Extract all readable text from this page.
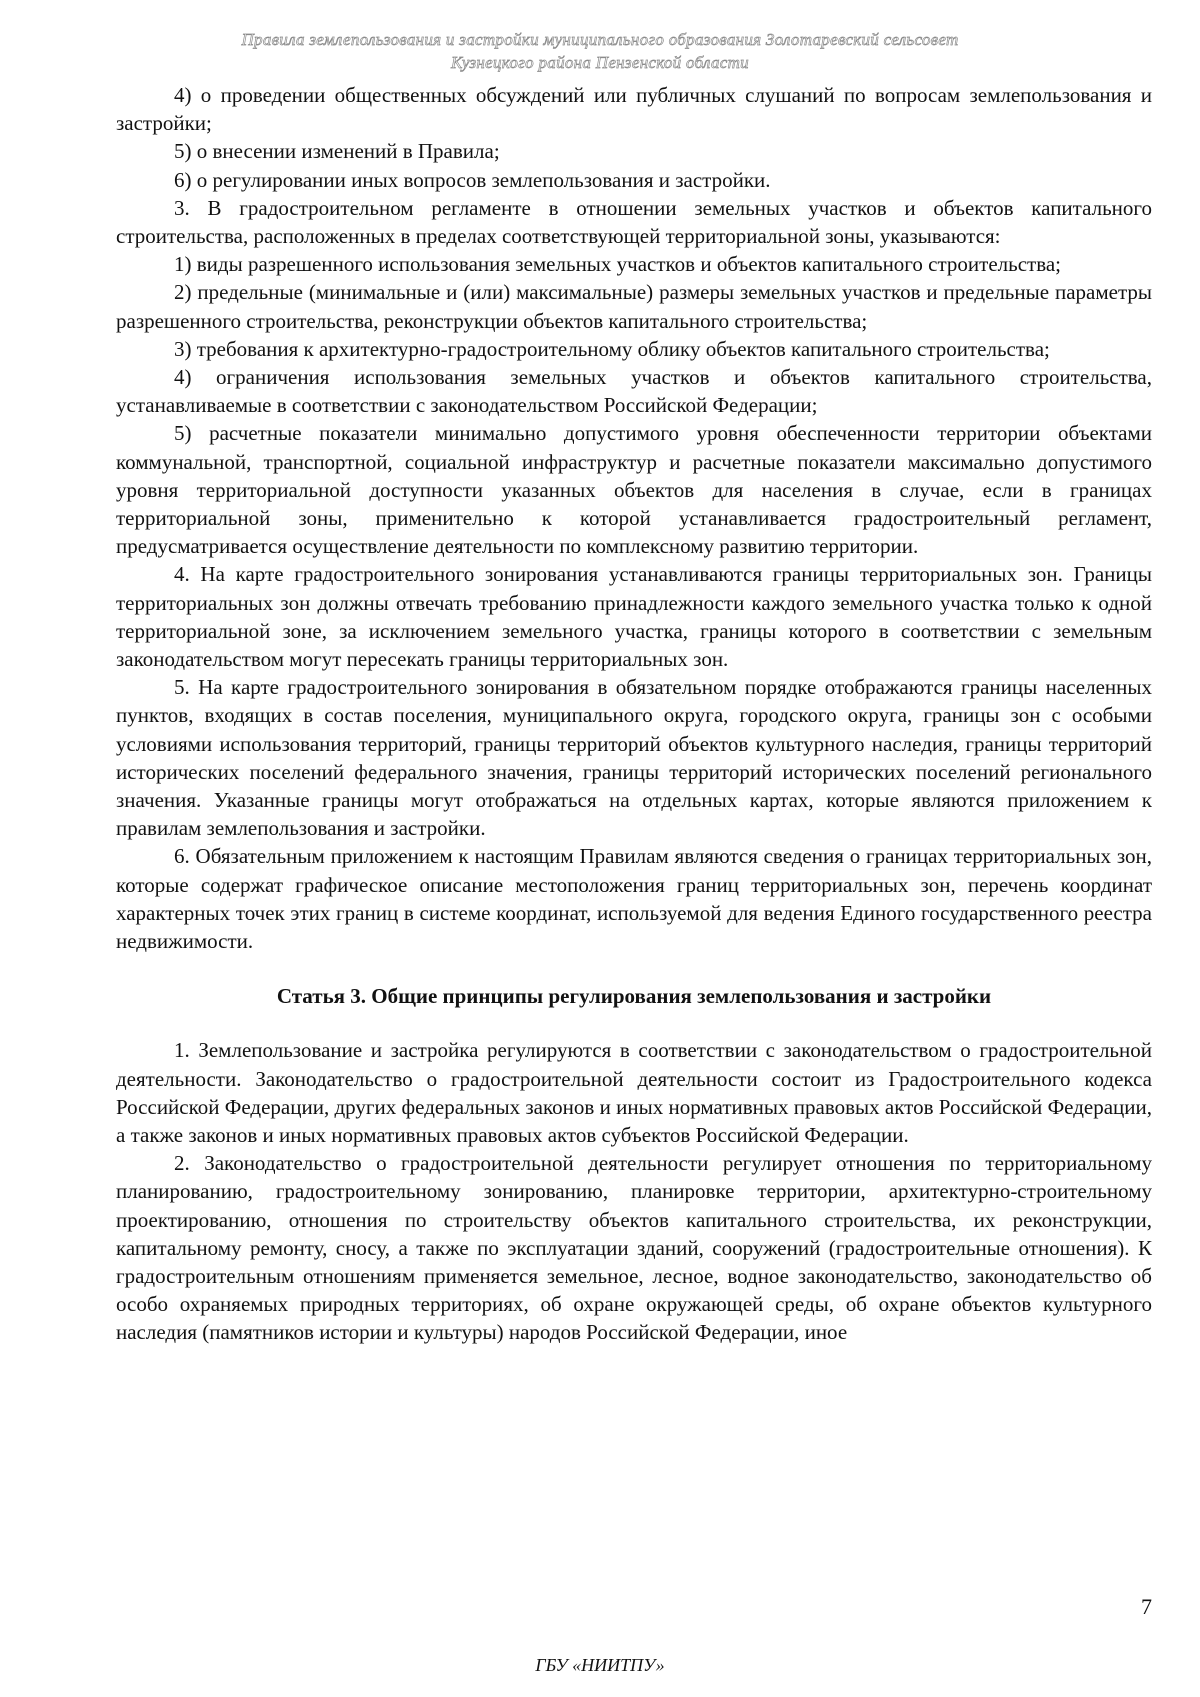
Правила землепользования и застройки муниципального образования Золотаревский сельсовет
Кузнецкого района Пензенской области

4) о проведении общественных обсуждений или публичных слушаний по вопросам землепользования и застройки;

5) о внесении изменений в Правила;

6) о регулировании иных вопросов землепользования и застройки.

3. В градостроительном регламенте в отношении земельных участков и объектов капитального строительства, расположенных в пределах соответствующей территориальной зоны, указываются:

1) виды разрешенного использования земельных участков и объектов капитального строительства;

2) предельные (минимальные и (или) максимальные) размеры земельных участков и предельные параметры разрешенного строительства, реконструкции объектов капитального строительства;

3) требования к архитектурно-градостроительному облику объектов капитального строительства;

4) ограничения использования земельных участков и объектов капитального строительства, устанавливаемые в соответствии с законодательством Российской Федерации;

5) расчетные показатели минимально допустимого уровня обеспеченности территории объектами коммунальной, транспортной, социальной инфраструктур и расчетные показатели максимально допустимого уровня территориальной доступности указанных объектов для населения в случае, если в границах территориальной зоны, применительно к которой устанавливается градостроительный регламент, предусматривается осуществление деятельности по комплексному развитию территории.

4. На карте градостроительного зонирования устанавливаются границы территориальных зон. Границы территориальных зон должны отвечать требованию принадлежности каждого земельного участка только к одной территориальной зоне, за исключением земельного участка, границы которого в соответствии с земельным законодательством могут пересекать границы территориальных зон.

5. На карте градостроительного зонирования в обязательном порядке отображаются границы населенных пунктов, входящих в состав поселения, муниципального округа, городского округа, границы зон с особыми условиями использования территорий, границы территорий объектов культурного наследия, границы территорий исторических поселений федерального значения, границы территорий исторических поселений регионального значения. Указанные границы могут отображаться на отдельных картах, которые являются приложением к правилам землепользования и застройки.

6. Обязательным приложением к настоящим Правилам являются сведения о границах территориальных зон, которые содержат графическое описание местоположения границ территориальных зон, перечень координат характерных точек этих границ в системе координат, используемой для ведения Единого государственного реестра недвижимости.

Статья 3. Общие принципы регулирования землепользования и застройки

1. Землепользование и застройка регулируются в соответствии с законодательством о градостроительной деятельности. Законодательство о градостроительной деятельности состоит из Градостроительного кодекса Российской Федерации, других федеральных законов и иных нормативных правовых актов Российской Федерации, а также законов и иных нормативных правовых актов субъектов Российской Федерации.

2. Законодательство о градостроительной деятельности регулирует отношения по территориальному планированию, градостроительному зонированию, планировке территории, архитектурно-строительному проектированию, отношения по строительству объектов капитального строительства, их реконструкции, капитальному ремонту, сносу, а также по эксплуатации зданий, сооружений (градостроительные отношения). К градостроительным отношениям применяется земельное, лесное, водное законодательство, законодательство об особо охраняемых природных территориях, об охране окружающей среды, об охране объектов культурного наследия (памятников истории и культуры) народов Российской Федерации, иное

7
ГБУ «НИИТПУ»
